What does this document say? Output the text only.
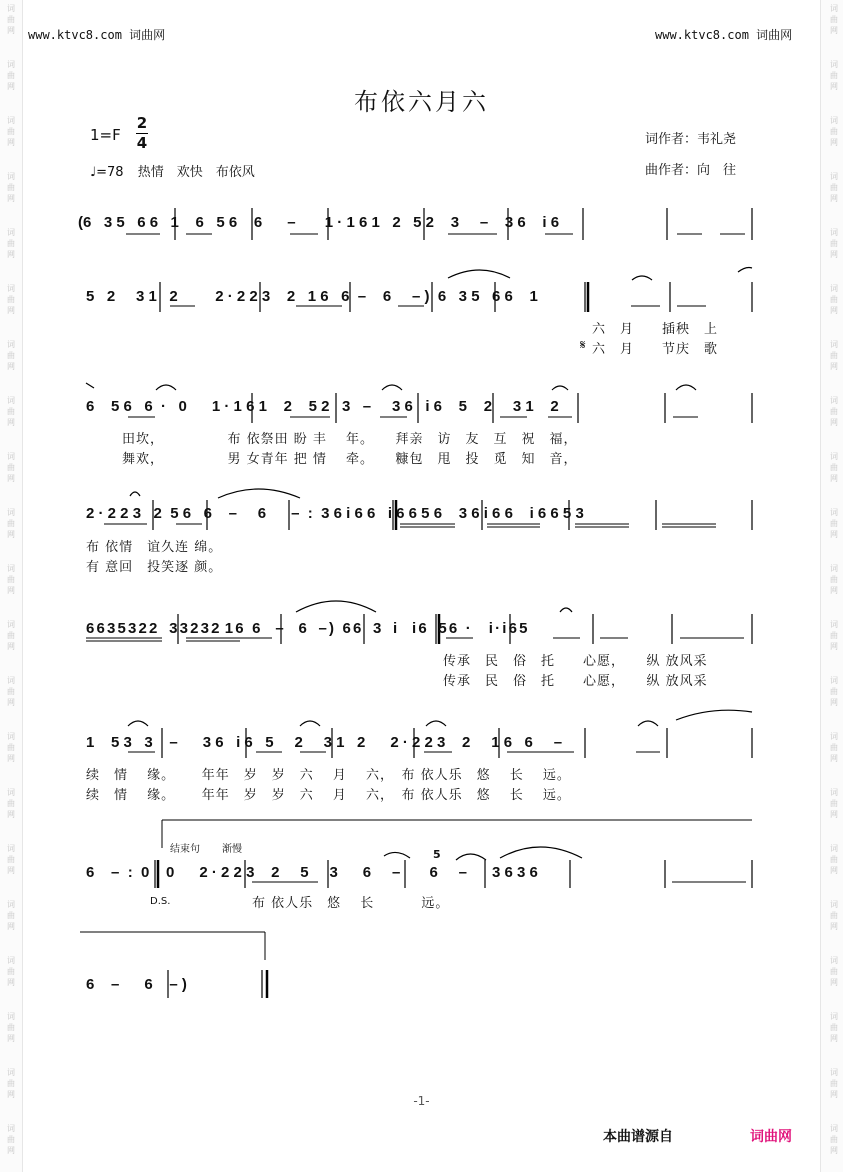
词
曲
网
词
曲
网
词
曲
网
词
曲
网
词
曲
网
词
曲
网
词
曲
网
词
曲
网
词
曲
网
词
曲
网
词
曲
网
词
曲
网
词
曲
网
词
曲
网
词
曲
网
词
曲
网
词
曲
网
词
曲
网
词
曲
网
词
曲
网
词
曲
网
词
曲
网
词
曲
网
词
曲
网
词
曲
网
词
曲
网
词
曲
网
词
曲
网
词
曲
网
词
曲
网
词
曲
网
词
曲
网
词
曲
网
词
曲
网
词
曲
网
词
曲
网
词
曲
网
词
曲
网
词
曲
网
词
曲
网
词
曲
网
词
曲
网
www.ktvc8.com 词曲网	www.ktvc8.com 词曲网
布依六月六
$1=F \frac{2}{4}$
♩=78 热情　欢快　布依风
词作者：韦礼尧
曲作者：向　往
(6   3 5   6 6   1    6   5 6    6      –       1 · 1 6 1   2   5 2    3     –    3 6    i 6
5   2     3 1   2         2 · 2 2 3    2   1 6   6  –    6     – )  6   3 5   6 6    1
6    5 6   6  ·   0      1 · 1 6 1    2    5 2   3   –     3 6   i 6    5    2     3 1    2
2 · 2 2 3   2  5 6   6    –     6      –  :  3 6 i 6 6   i 6 6 5 6    3 6 i 6 6    i 6 6 5 3
6 6 3 5 3 2 2    3 3 2 3 2  1 6   6     –     6    – )   6 6    3    i     i 6    5 6   ·      i · i 6 5
1    5 3   3    –      3 6   i 6   5     2     3 1   2      2 · 2 2 3    2     1 6   6     –
6    –  :  0    0      2 · 2 2 3    2     5     3      6     –       6     –      3 6 3 6
6    –      6    – )
六　月　　插秧　上
𝄋 六　月　　节庆　歌
田坎，　　　　　布 依祭田 盼 丰　 年。　　拜亲　访　友　互　祝　福，
舞欢，　　　　　男 女青年 把 情　 牵。　　糠包　甩　投　觅　知　音，
布 依情　谊久连 绵。
有 意回　投笑逐 颜。
传承　民　俗　托　　心愿，　　纵 放风采
传承　民　俗　托　　心愿，　　纵 放风采
续　情　 缘。　　 年年　岁　岁　六　 月　 六，　布 依人乐　悠　 长　 远。
续　情　 缘。　　 年年　岁　岁　六　 月　 六，　布 依人乐　悠　 长　 远。
结束句 渐慢
D.S.
5
布 依人乐　悠　 长　　　 远。
-1-
本曲谱源自	词曲网
